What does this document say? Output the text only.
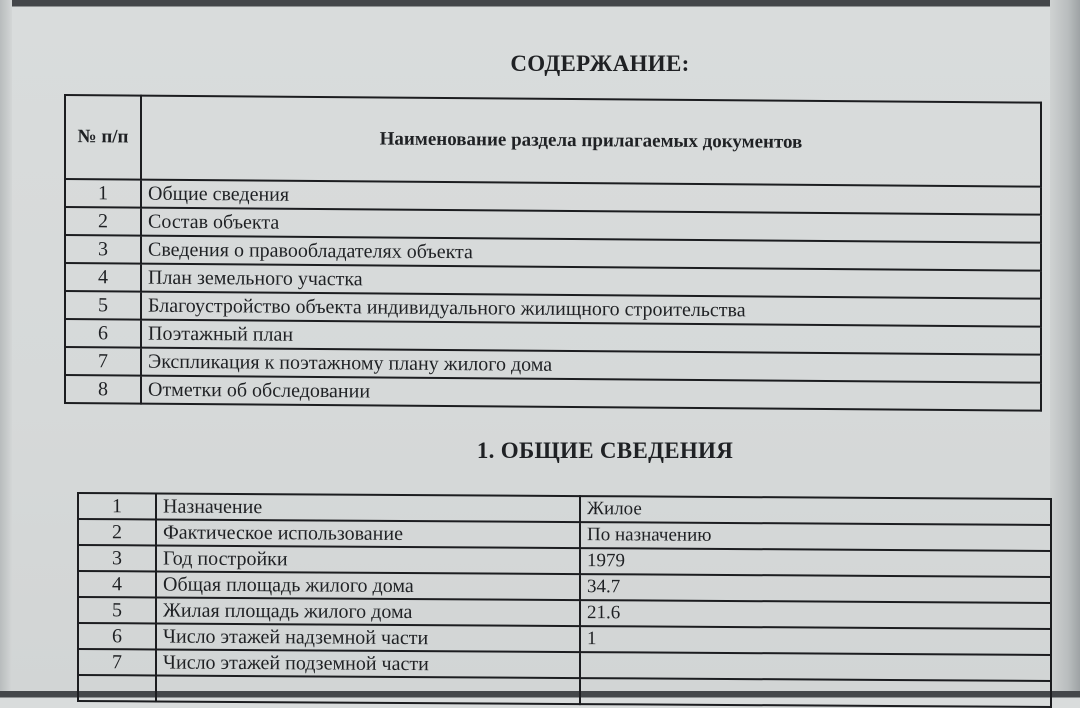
СОДЕРЖАНИЕ:
№ п/п	Наименование раздела прилагаемых документов
1	Общие сведения
2	Состав объекта
3	Сведения о правообладателях объекта
4	План земельного участка
5	Благоустройство объекта индивидуального жилищного строительства
6	Поэтажный план
7	Экспликация к поэтажному плану жилого дома
8	Отметки об обследовании
1. ОБЩИЕ СВЕДЕНИЯ
1	Назначение	Жилое
2	Фактическое использование	По назначению
3	Год постройки	1979
4	Общая площадь жилого дома	34.7
5	Жилая площадь жилого дома	21.6
6	Число этажей надземной части	1
7	Число этажей подземной части	
